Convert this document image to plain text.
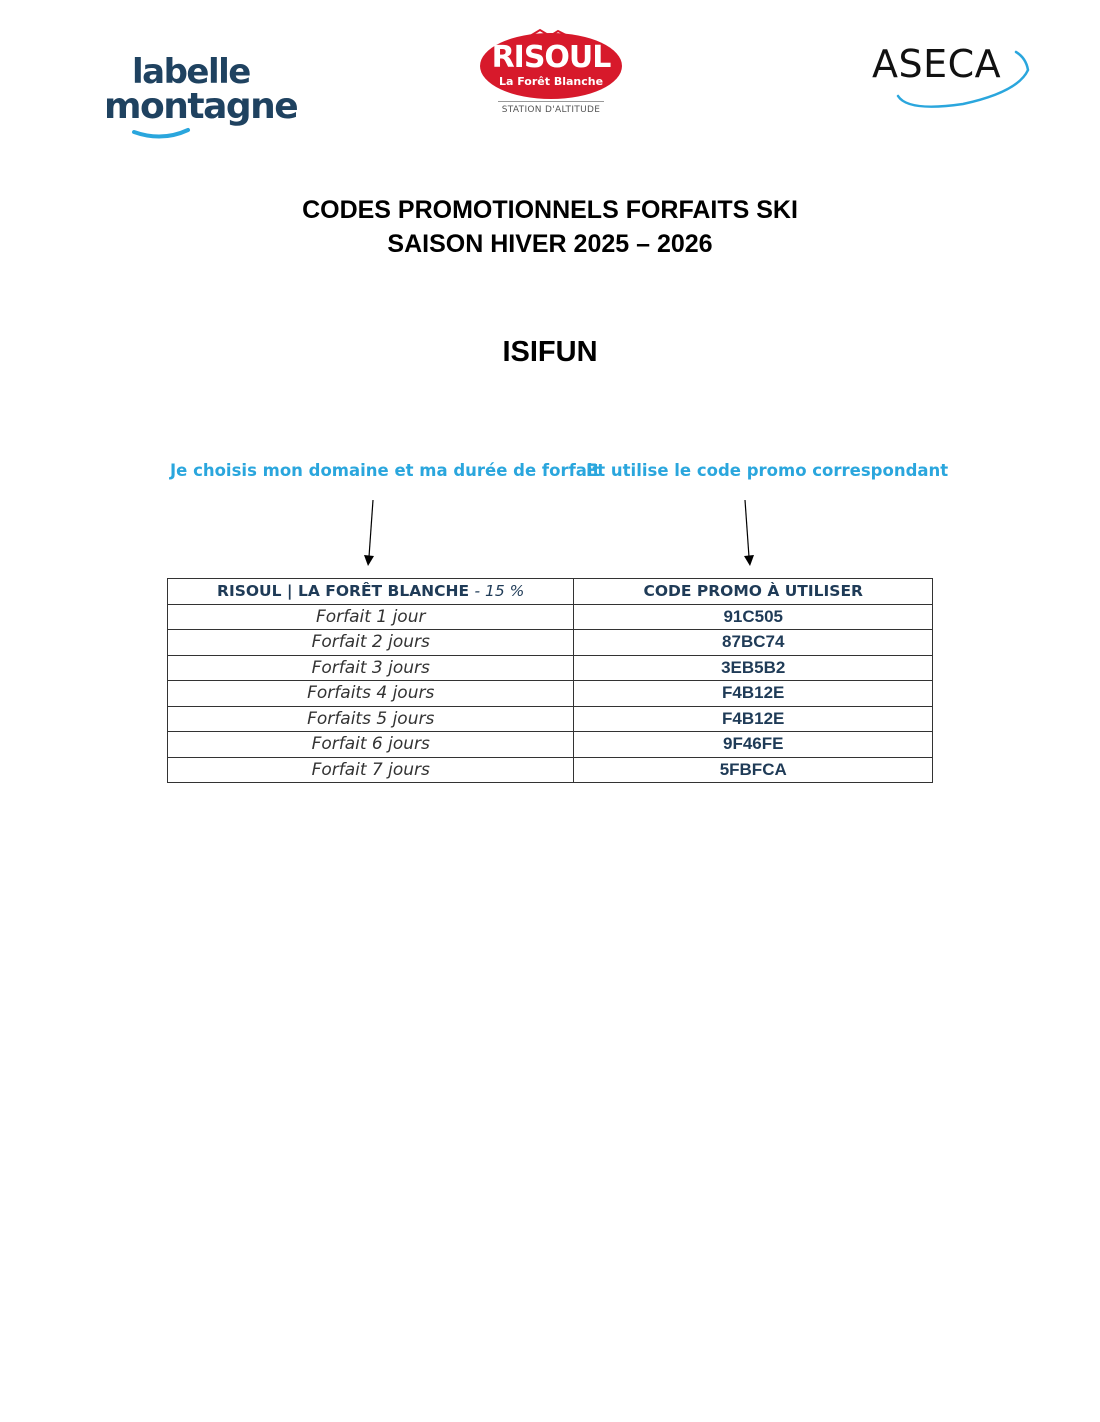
labelle
montagne
RISOUL
La Forêt Blanche
STATION D'ALTITUDE
ASECA
CODES PROMOTIONNELS FORFAITS SKI
SAISON HIVER 2025 – 2026
ISIFUN
Je choisis mon domaine et ma durée de forfait
Et utilise le code promo correspondant
RISOUL | LA FORÊT BLANCHE - 15 %	CODE PROMO À UTILISER
Forfait 1 jour	91C505
Forfait 2 jours	87BC74
Forfait 3 jours	3EB5B2
Forfaits 4 jours	F4B12E
Forfaits 5 jours	F4B12E
Forfait 6 jours	9F46FE
Forfait 7 jours	5FBFCA
